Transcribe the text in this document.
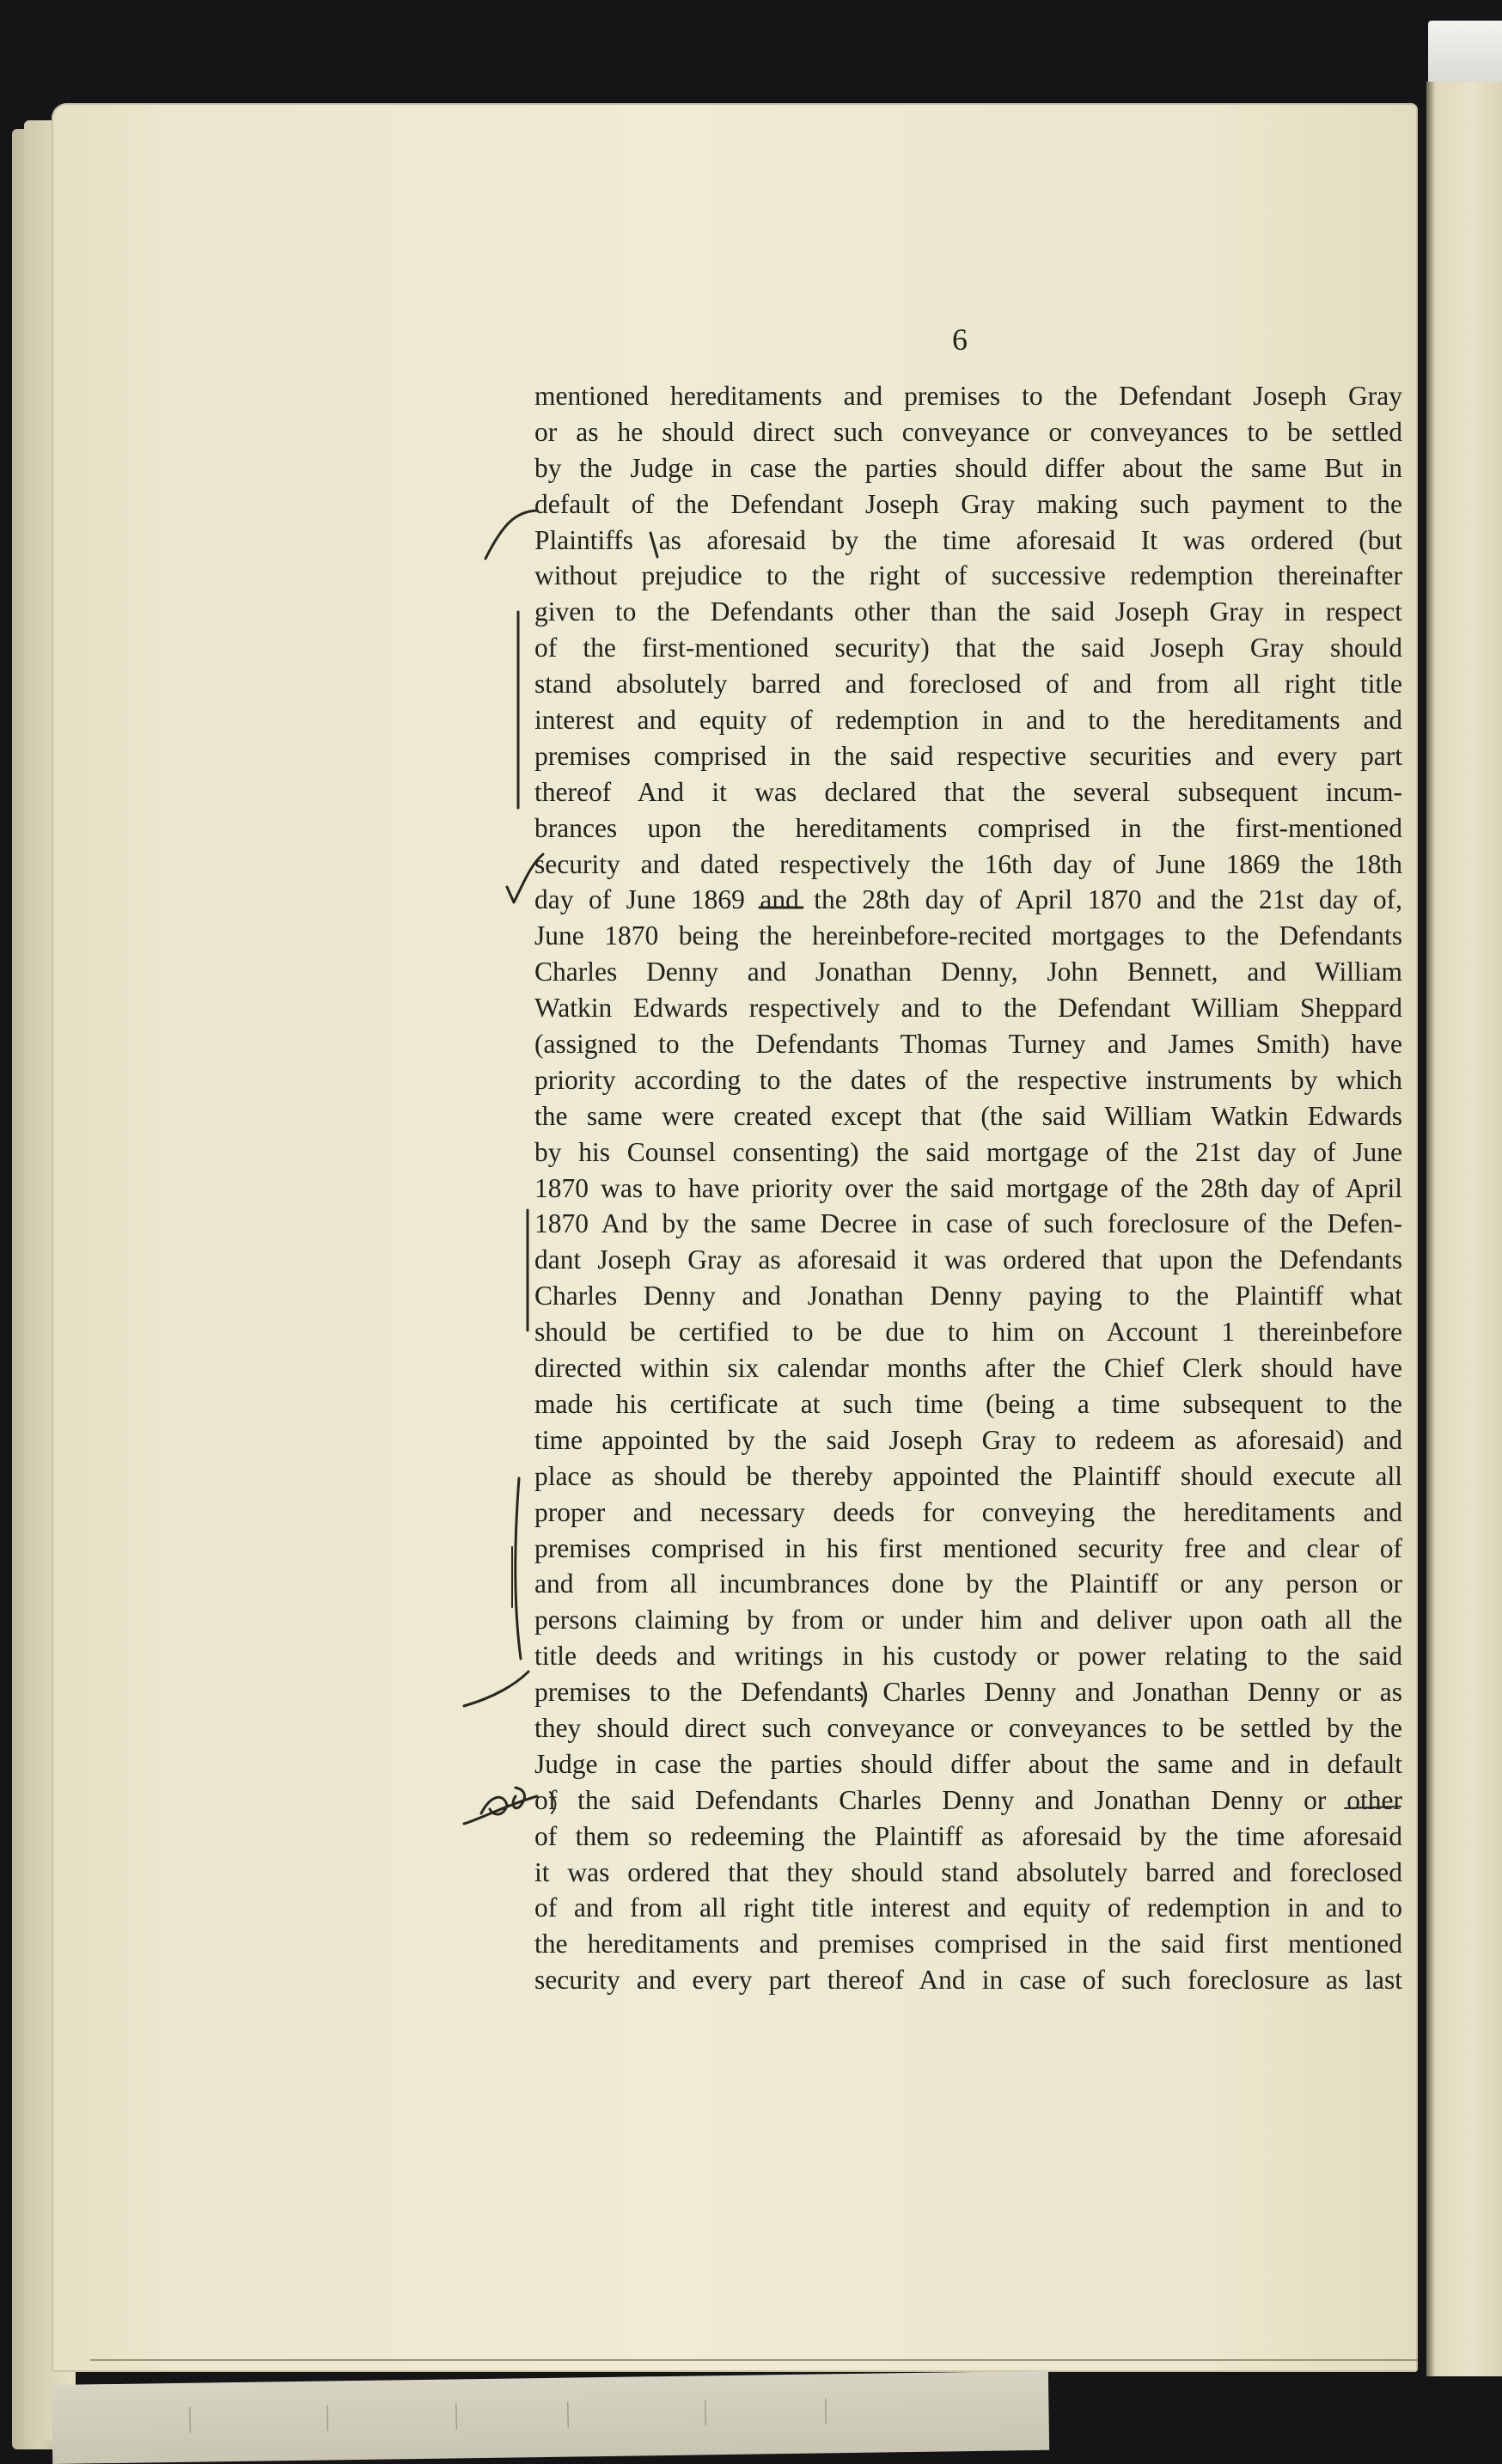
6
mentioned hereditaments and premises to the Defendant Joseph Gray
or as he should direct such conveyance or conveyances to be settled
by the Judge in case the parties should differ about the same But in
default of the Defendant Joseph Gray making such payment to the
Plaintiffs as aforesaid by the time aforesaid It was ordered (but
without prejudice to the right of successive redemption thereinafter
given to the Defendants other than the said Joseph Gray in respect
of the first-mentioned security) that the said Joseph Gray should
stand absolutely barred and foreclosed of and from all right title
interest and equity of redemption in and to the hereditaments and
premises comprised in the said respective securities and every part
thereof And it was declared that the several subsequent incum-
brances upon the hereditaments comprised in the first-mentioned
security and dated respectively the 16th day of June 1869 the 18th
day of June 1869 and the 28th day of April 1870 and the 21st day of,
June 1870 being the hereinbefore-recited mortgages to the Defendants
Charles Denny and Jonathan Denny, John Bennett, and William
Watkin Edwards respectively and to the Defendant William Sheppard
(assigned to the Defendants Thomas Turney and James Smith) have
priority according to the dates of the respective instruments by which
the same were created except that (the said William Watkin Edwards
by his Counsel consenting) the said mortgage of the 21st day of June
1870 was to have priority over the said mortgage of the 28th day of April
1870 And by the same Decree in case of such foreclosure of the Defen-
dant Joseph Gray as aforesaid it was ordered that upon the Defendants
Charles Denny and Jonathan Denny paying to the Plaintiff what
should be certified to be due to him on Account 1 thereinbefore
directed within six calendar months after the Chief Clerk should have
made his certificate at such time (being a time subsequent to the
time appointed by the said Joseph Gray to redeem as aforesaid) and
place as should be thereby appointed the Plaintiff should execute all
proper and necessary deeds for conveying the hereditaments and
premises comprised in his first mentioned security free and clear of
and from all incumbrances done by the Plaintiff or any person or
persons claiming by from or under him and deliver upon oath all the
title deeds and writings in his custody or power relating to the said
premises to the Defendants Charles Denny and Jonathan Denny or as
they should direct such conveyance or conveyances to be settled by the
Judge in case the parties should differ about the same and in default
of the said Defendants Charles Denny and Jonathan Denny or other
of them so redeeming the Plaintiff as aforesaid by the time aforesaid
it was ordered that they should stand absolutely barred and foreclosed
of and from all right title interest and equity of redemption in and to
the hereditaments and premises comprised in the said first mentioned
security and every part thereof And in case of such foreclosure as last
